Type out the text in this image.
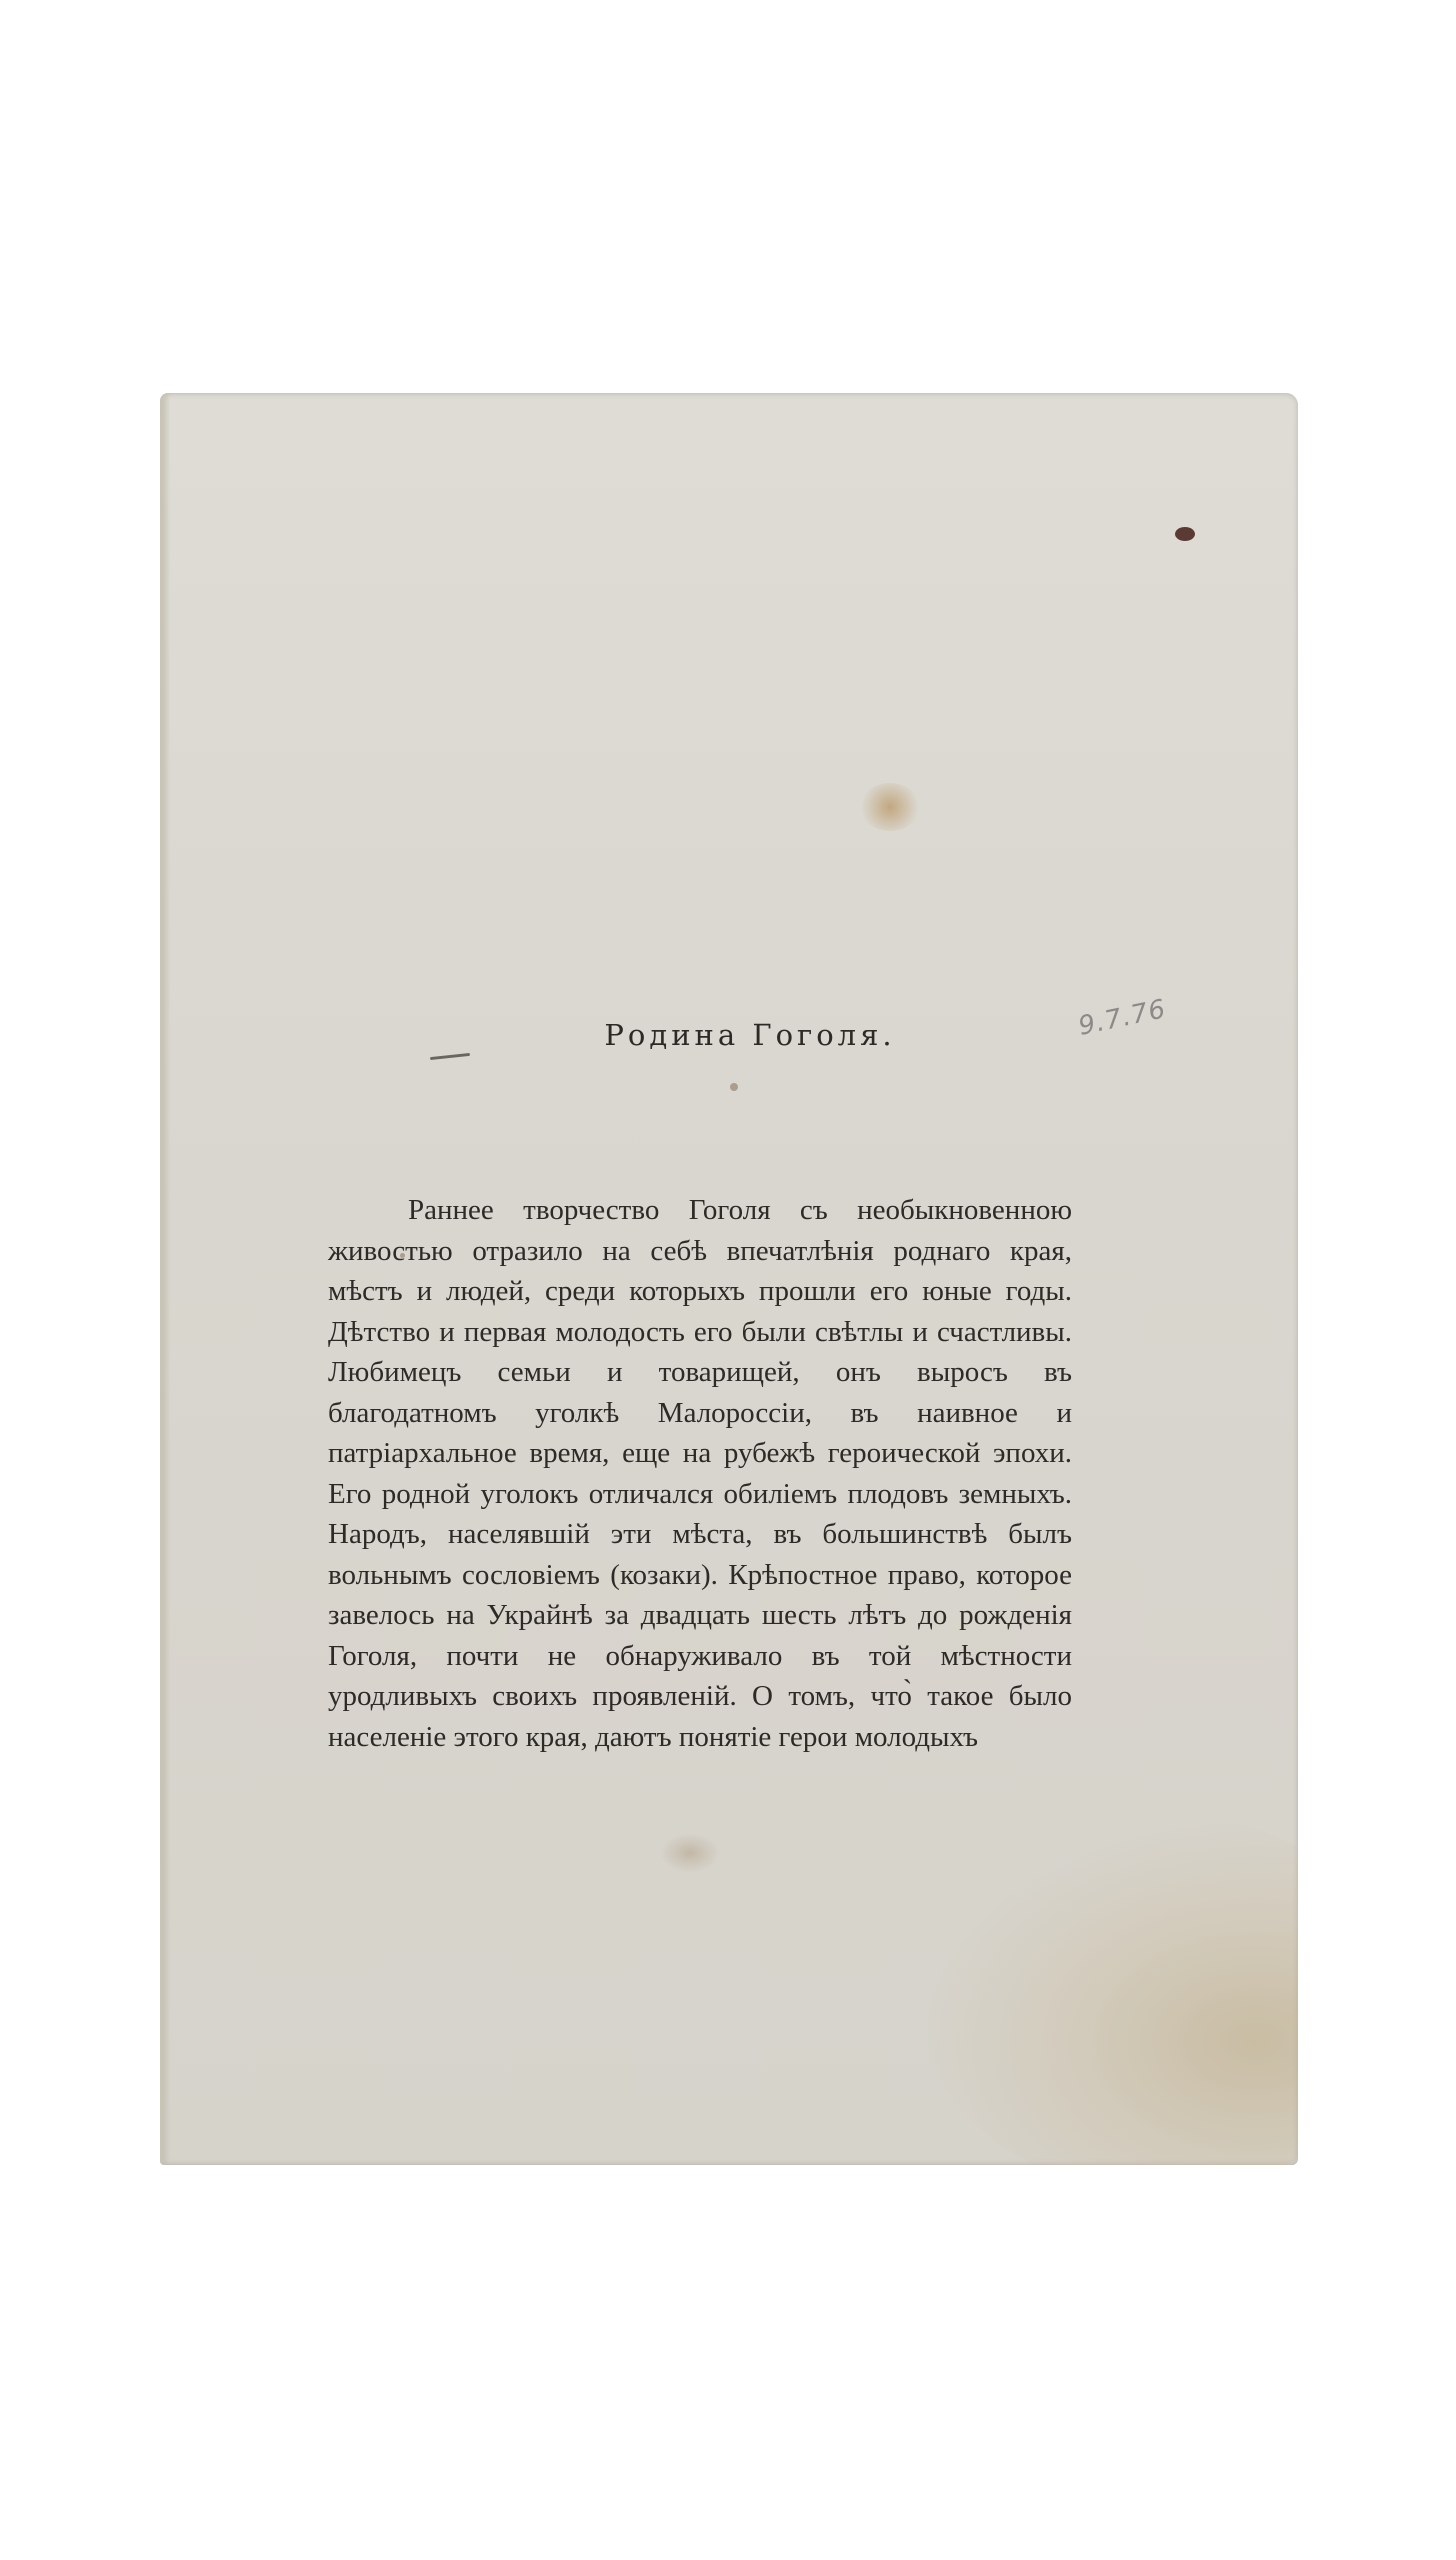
Родина Гоголя.	9.7.76

Раннее творчество Гоголя съ необыкновенною живостью отразило на себѣ впечатлѣнія роднаго края, мѣстъ и людей, среди которыхъ прошли его юные годы. Дѣтство и первая молодость его были свѣтлы и счастливы. Любимецъ семьи и товарищей, онъ выросъ въ благодатномъ уголкѣ Малороссіи, въ наивное и патріархальное время, еще на рубежѣ героической эпохи. Его родной уголокъ отличался обиліемъ плодовъ земныхъ. Народъ, населявшій эти мѣста, въ большинствѣ былъ вольнымъ сословіемъ (козаки). Крѣпостное право, которое завелось на Украйнѣ за двадцать шесть лѣтъ до рожденія Гоголя, почти не обнаруживало въ той мѣстности уродливыхъ своихъ проявленій. О томъ, что̀ такое было населеніе этого края, даютъ понятіе герои молодыхъ
